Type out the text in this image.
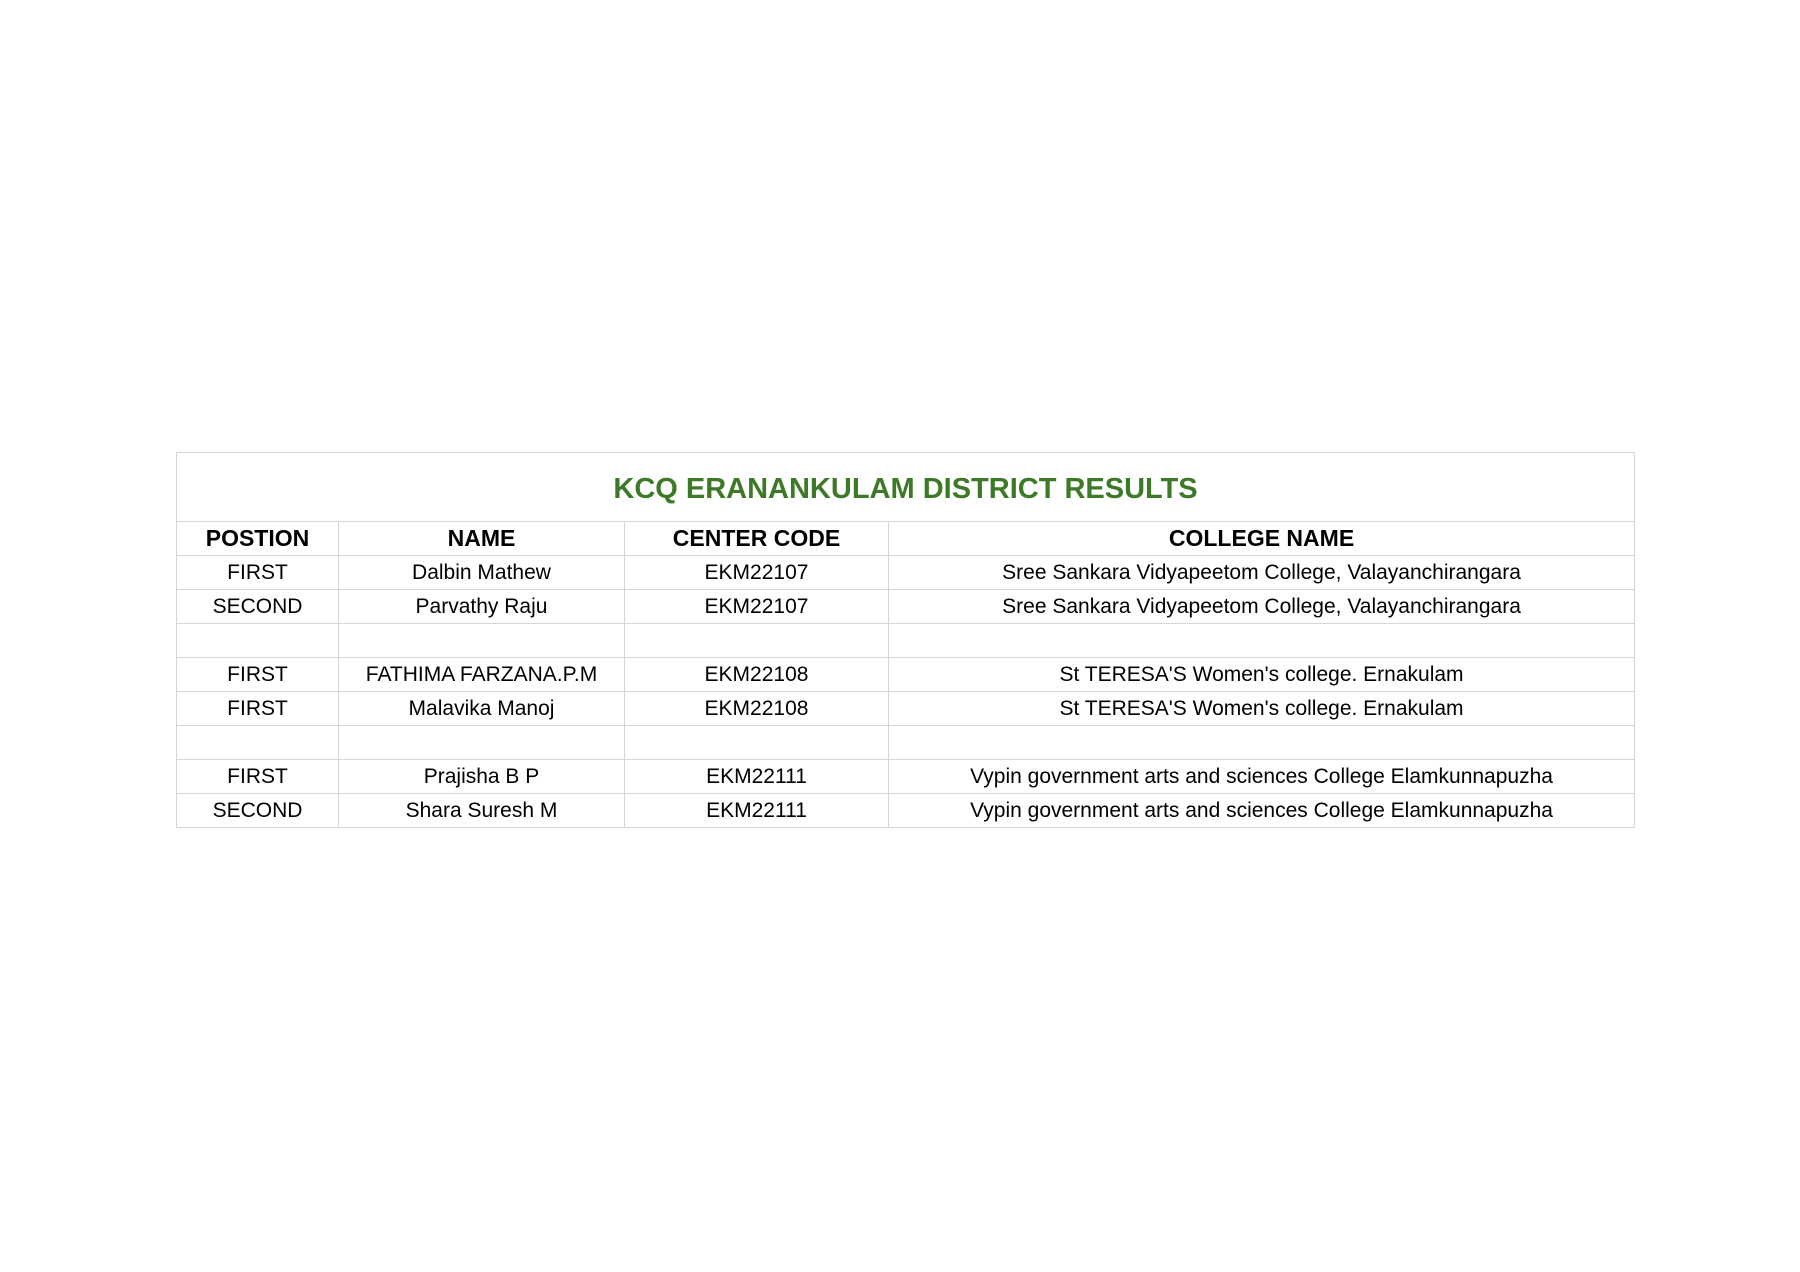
KCQ ERANANKULAM DISTRICT RESULTS			
POSTION	NAME	CENTER CODE	COLLEGE NAME
FIRST	Dalbin Mathew	EKM22107	Sree Sankara Vidyapeetom College, Valayanchirangara
SECOND	Parvathy Raju	EKM22107	Sree Sankara Vidyapeetom College, Valayanchirangara

FIRST	FATHIMA FARZANA.P.M	EKM22108	St TERESA'S Women's college. Ernakulam
FIRST	Malavika Manoj	EKM22108	St TERESA'S Women's college. Ernakulam

FIRST	Prajisha B P	EKM22111	Vypin government arts and sciences College Elamkunnapuzha
SECOND	Shara Suresh M	EKM22111	Vypin government arts and sciences College Elamkunnapuzha
